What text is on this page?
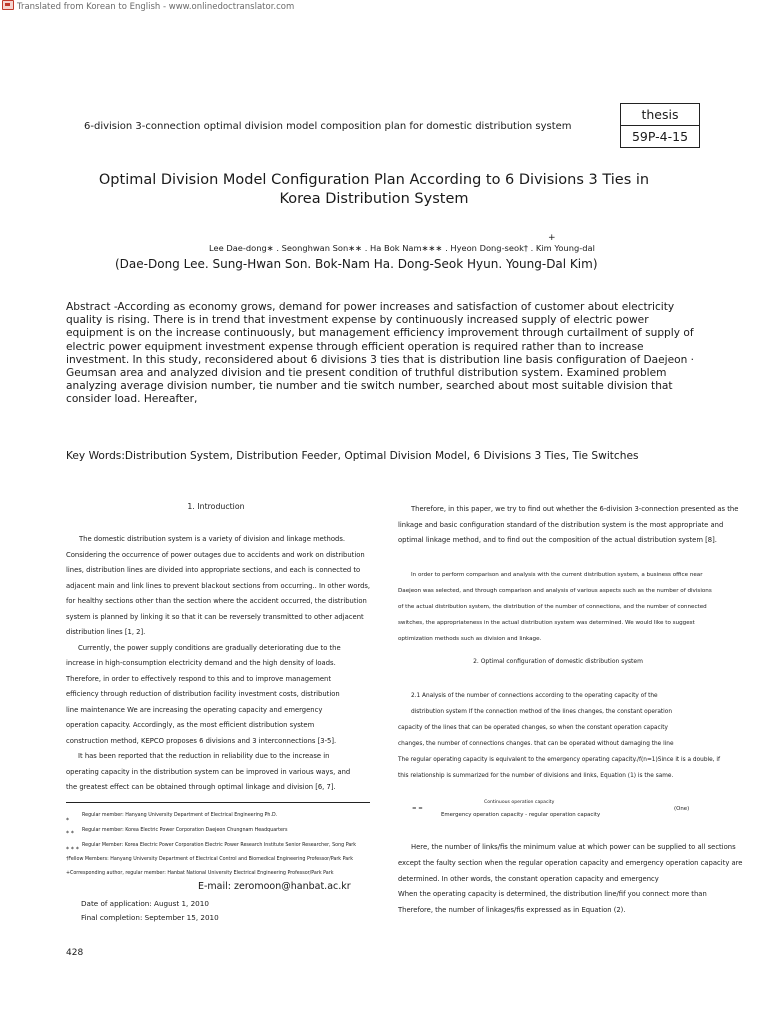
Translated from Korean to English - www.onlinedoctranslator.com
thesis
59P-4-15
6-division 3-connection optimal division model composition plan for domestic distribution system
Optimal Division Model Configuration Plan According to 6 Divisions 3 Ties in Korea Distribution System
Lee Dae-dong∗ . Seonghwan Son∗∗ . Ha Bok Nam∗∗∗ . Hyeon Dong-seok† . Kim Young-dal
+
(Dae-Dong Lee. Sung-Hwan Son. Bok-Nam Ha. Dong-Seok Hyun. Young-Dal Kim)
Abstract -According as economy grows, demand for power increases and satisfaction of customer about electricity quality is rising. There is in trend that investment expense by continuously increased supply of electric power equipment is on the increase continuously, but management efficiency improvement through curtailment of supply of electric power equipment investment expense through efficient operation is required rather than to increase investment. In this study, reconsidered about 6 divisions 3 ties that is distribution line basis configuration of Daejeon · Geumsan area and analyzed division and tie present condition of truthful distribution system. Examined problem analyzing average division number, tie number and tie switch number, searched about most suitable division that consider load. Hereafter,
Key Words:Distribution System, Distribution Feeder, Optimal Division Model, 6 Divisions 3 Ties, Tie Switches
1. Introduction
The domestic distribution system is a variety of division and linkage methods.
Considering the occurrence of power outages due to accidents and work on distribution
lines, distribution lines are divided into appropriate sections, and each is connected to
adjacent main and link lines to prevent blackout sections from occurring.. In other words,
for healthy sections other than the section where the accident occurred, the distribution
system is planned by linking it so that it can be reversely transmitted to other adjacent
distribution lines [1, 2].
Currently, the power supply conditions are gradually deteriorating due to the
increase in high-consumption electricity demand and the high density of loads.
Therefore, in order to effectively respond to this and to improve management
efficiency through reduction of distribution facility investment costs, distribution
line maintenance We are increasing the operating capacity and emergency
operation capacity. Accordingly, as the most efficient distribution system
construction method, KEPCO proposes 6 divisions and 3 interconnections [3-5].
It has been reported that the reduction in reliability due to the increase in
operating capacity in the distribution system can be improved in various ways, and
the greatest effect can be obtained through optimal linkage and division [6, 7].
*
Regular member: Hanyang University Department of Electrical Engineering Ph.D.
* * Regular member: Korea Electric Power Corporation Daejeon Chungnam Headquarters
* * *
Regular Member: Korea Electric Power Corporation Electric Power Research Institute Senior Researcher, Song Park
†Fellow Members: Hanyang University Department of Electrical Control and Biomedical Engineering Professor/Park Park
+Corresponding author, regular member: Hanbat National University Electrical Engineering Professor/Park Park
E-mail: zeromoon@hanbat.ac.kr
Date of application: August 1, 2010
Final completion: September 15, 2010
Therefore, in this paper, we try to find out whether the 6-division 3-connection presented as the
linkage and basic configuration standard of the distribution system is the most appropriate and
optimal linkage method, and to find out the composition of the actual distribution system [8].
In order to perform comparison and analysis with the current distribution system, a business office near
Daejeon was selected, and through comparison and analysis of various aspects such as the number of divisions
of the actual distribution system, the distribution of the number of connections, and the number of connected
switches, the appropriateness in the actual distribution system was determined. We would like to suggest
optimization methods such as division and linkage.
2. Optimal configuration of domestic distribution system
2.1 Analysis of the number of connections according to the operating capacity of the
distribution system If the connection method of the lines changes, the constant operation
capacity of the lines that can be operated changes, so when the constant operation capacity
changes, the number of connections changes. that can be operated without damaging the line
The regular operating capacity is equivalent to the emergency operating capacity./f(n=1)Since it is a double, if
this relationship is summarized for the number of divisions and links, Equation (1) is the same.
Continuous operation capacity
= =
Emergency operation capacity - regular operation capacity
(One)
Here, the number of links/fis the minimum value at which power can be supplied to all sections
except the faulty section when the regular operation capacity and emergency operation capacity are
determined. In other words, the constant operation capacity and emergency
When the operating capacity is determined, the distribution line/fif you connect more than
Therefore, the number of linkages/fis expressed as in Equation (2).
428
